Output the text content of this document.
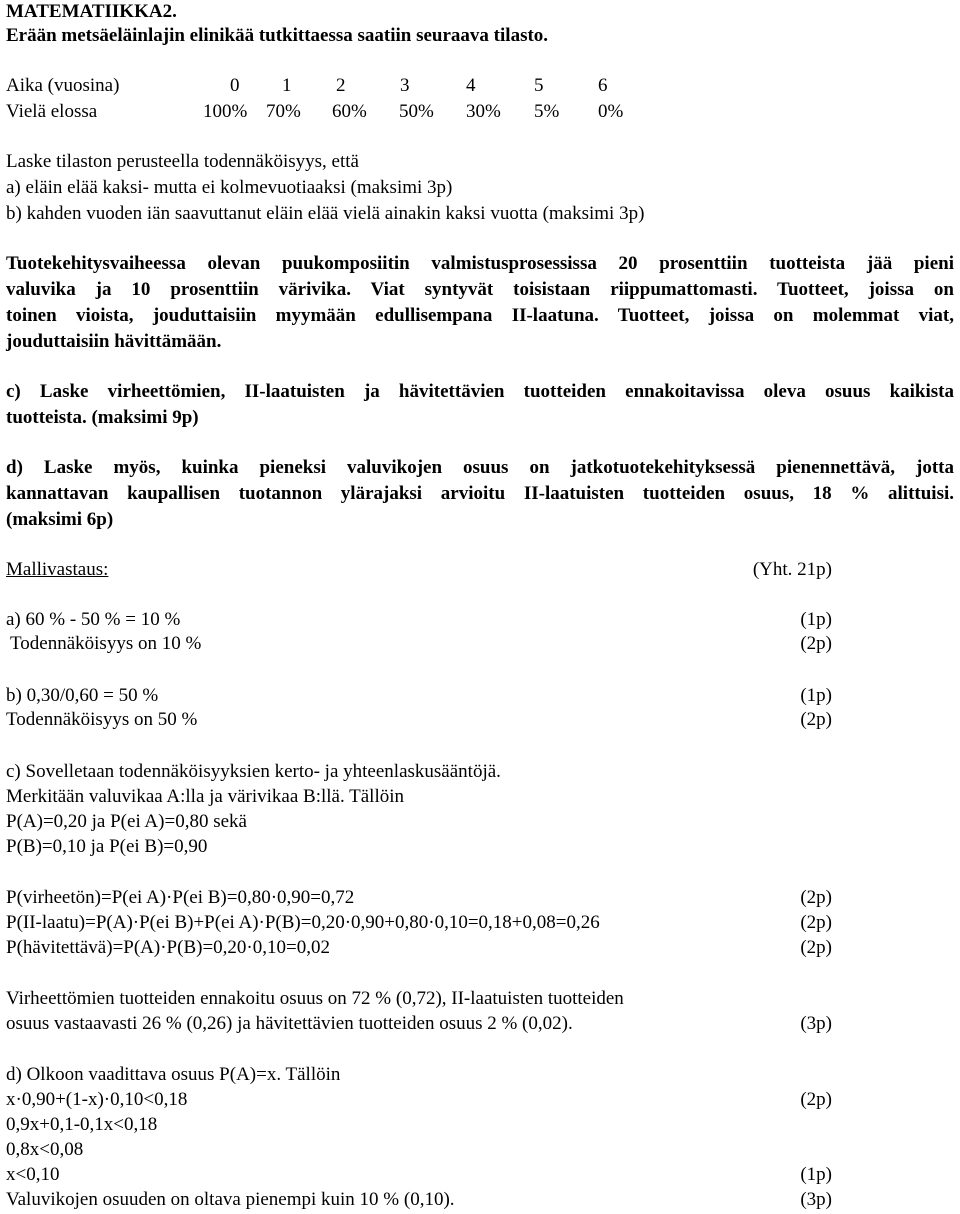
MATEMATIIKKA2.
Erään metsäeläinlajin elinikää tutkittaessa saatiin seuraava tilasto.
Aika (vuosina)	0 1 2	3	4	5	6
Vielä elossa	100% 70% 60% 50% 30% 5% 0%
Laske tilaston perusteella todennäköisyys, että
a) eläin elää kaksi- mutta ei kolmevuotiaaksi (maksimi 3p)
b) kahden vuoden iän saavuttanut eläin elää vielä ainakin kaksi vuotta (maksimi 3p)
Tuotekehitysvaiheessa olevan puukomposiitin valmistusprosessissa 20 prosenttiin tuotteista jää pieni
valuvika ja 10 prosenttiin värivika. Viat syntyvät toisistaan riippumattomasti. Tuotteet, joissa on
toinen vioista, jouduttaisiin myymään edullisempana II-laatuna. Tuotteet, joissa on molemmat viat,
jouduttaisiin hävittämään.
c) Laske virheettömien, II-laatuisten ja hävitettävien tuotteiden ennakoitavissa oleva osuus kaikista
tuotteista. (maksimi 9p)
d) Laske myös, kuinka pieneksi valuvikojen osuus on jatkotuotekehityksessä pienennettävä, jotta
kannattavan kaupallisen tuotannon ylärajaksi arvioitu II-laatuisten tuotteiden osuus, 18 % alittuisi.
(maksimi 6p)
Mallivastaus:	(Yht. 21p)
a) 60 % - 50 % = 10 %	(1p)
Todennäköisyys on 10 %	(2p)
b) 0,30/0,60 = 50 %	(1p)
Todennäköisyys on 50 %	(2p)
c) Sovelletaan todennäköisyyksien kerto- ja yhteenlaskusääntöjä.
Merkitään valuvikaa A:lla ja värivikaa B:llä. Tällöin
P(A)=0,20 ja P(ei A)=0,80 sekä
P(B)=0,10 ja P(ei B)=0,90
P(virheetön)=P(ei A)·P(ei B)=0,80·0,90=0,72	(2p)
P(II-laatu)=P(A)·P(ei B)+P(ei A)·P(B)=0,20·0,90+0,80·0,10=0,18+0,08=0,26	(2p)
P(hävitettävä)=P(A)·P(B)=0,20·0,10=0,02	(2p)
Virheettömien tuotteiden ennakoitu osuus on 72 % (0,72), II-laatuisten tuotteiden
osuus vastaavasti 26 % (0,26) ja hävitettävien tuotteiden osuus 2 % (0,02).	(3p)
d) Olkoon vaadittava osuus P(A)=x. Tällöin
x·0,90+(1-x)·0,10<0,18	(2p)
0,9x+0,1-0,1x<0,18
0,8x<0,08
x<0,10	(1p)
Valuvikojen osuuden on oltava pienempi kuin 10 % (0,10).	(3p)
